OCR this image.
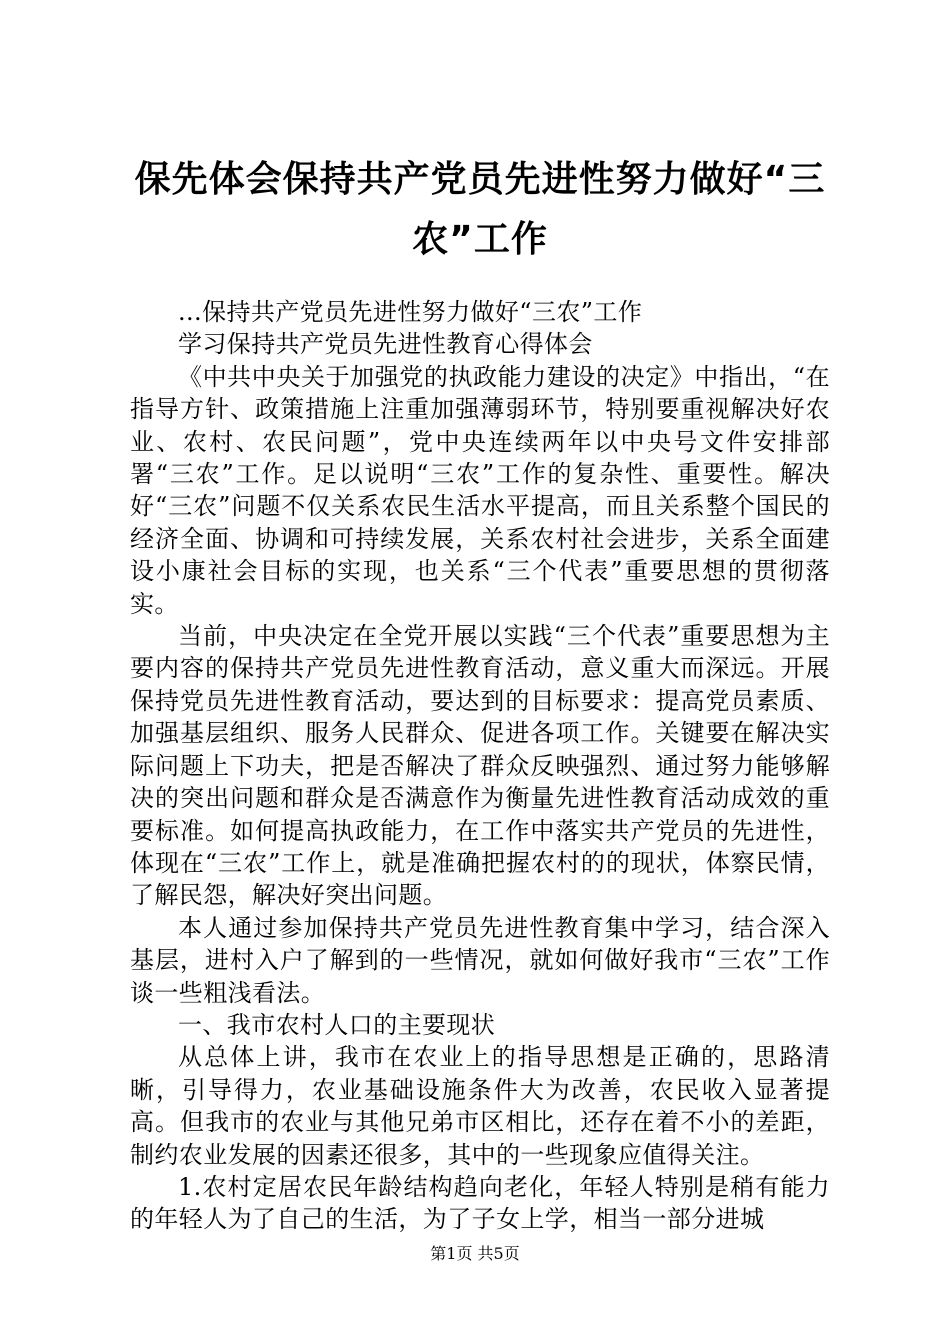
保先体会保持共产党员先进性努力做好“三农”工作

...保持共产党员先进性努力做好“三农”工作

学习保持共产党员先进性教育心得体会

《中共中央关于加强党的执政能力建设的决定》中指出，“在指导方针、政策措施上注重加强薄弱环节，特别要重视解决好农业、农村、农民问题”，党中央连续两年以中央号文件安排部署“三农”工作。足以说明“三农”工作的复杂性、重要性。解决好“三农”问题不仅关系农民生活水平提高，而且关系整个国民的经济全面、协调和可持续发展，关系农村社会进步，关系全面建设小康社会目标的实现，也关系“三个代表”重要思想的贯彻落实。

当前，中央决定在全党开展以实践“三个代表”重要思想为主要内容的保持共产党员先进性教育活动，意义重大而深远。开展保持党员先进性教育活动，要达到的目标要求：提高党员素质、加强基层组织、服务人民群众、促进各项工作。关键要在解决实际问题上下功夫，把是否解决了群众反映强烈、通过努力能够解决的突出问题和群众是否满意作为衡量先进性教育活动成效的重要标准。如何提高执政能力，在工作中落实共产党员的先进性，体现在“三农”工作上，就是准确把握农村的的现状，体察民情，了解民怨，解决好突出问题。

本人通过参加保持共产党员先进性教育集中学习，结合深入基层，进村入户了解到的一些情况，就如何做好我市“三农”工作谈一些粗浅看法。

一、我市农村人口的主要现状

从总体上讲，我市在农业上的指导思想是正确的，思路清晰，引导得力，农业基础设施条件大为改善，农民收入显著提高。但我市的农业与其他兄弟市区相比，还存在着不小的差距，制约农业发展的因素还很多，其中的一些现象应值得关注。

1.农村定居农民年龄结构趋向老化，年轻人特别是稍有能力的年轻人为了自己的生活，为了子女上学，相当一部分进城

第1页 共5页
